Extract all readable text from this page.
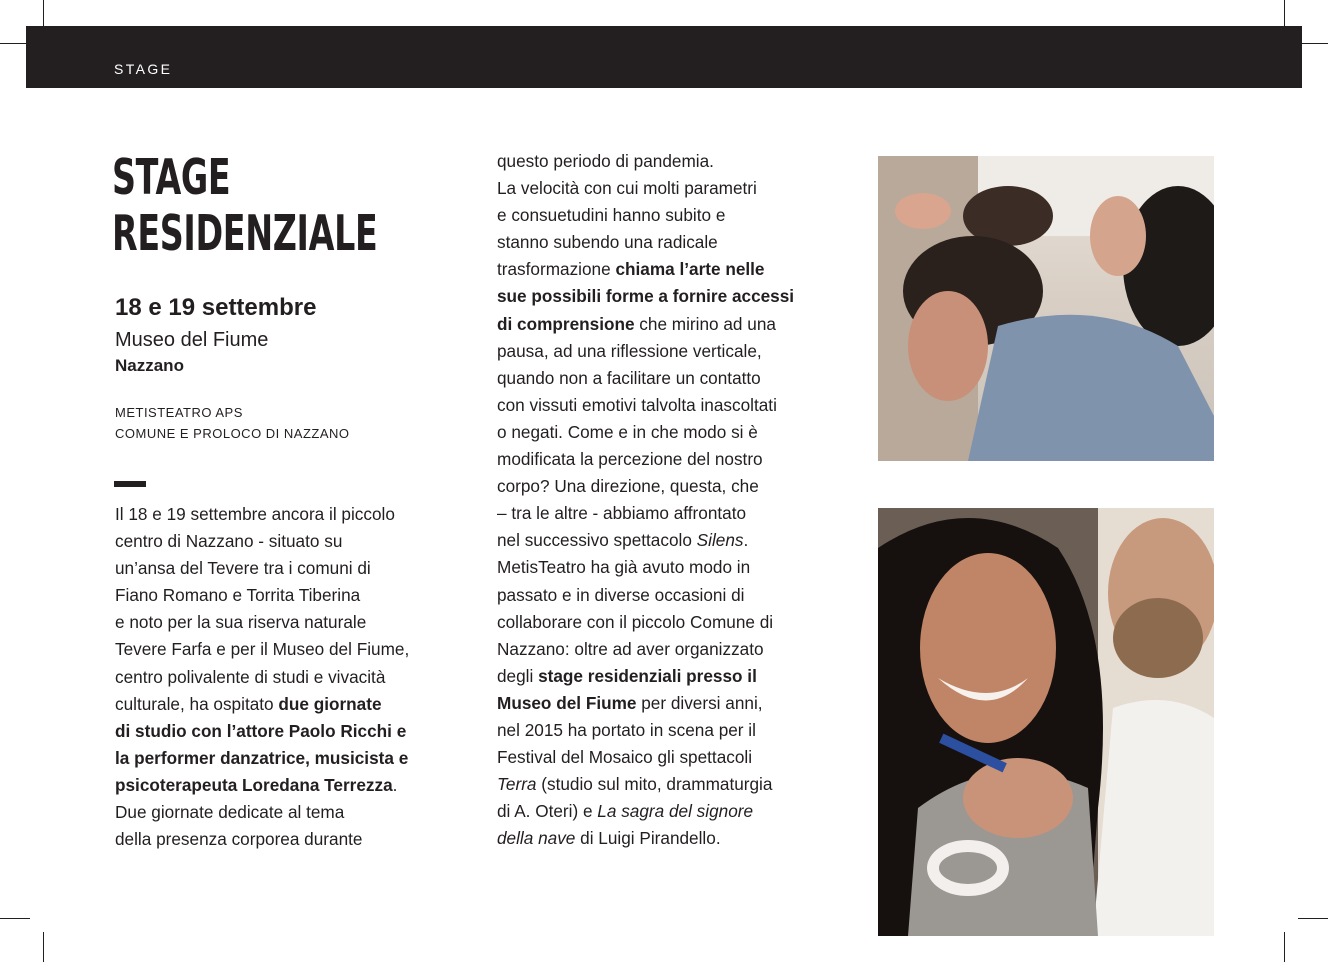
STAGE
STAGE
RESIDENZIALE
18 e 19 settembre
Museo del Fiume
Nazzano
METISTEATRO APS
COMUNE E PROLOCO DI NAZZANO
Il 18 e 19 settembre ancora il piccolo
centro di Nazzano - situato su
un’ansa del Tevere tra i comuni di
Fiano Romano e Torrita Tiberina
e noto per la sua riserva naturale
Tevere Farfa e per il Museo del Fiume,
centro polivalente di studi e vivacità
culturale, ha ospitato due giornate
di studio con l’attore Paolo Ricchi e
la performer danzatrice, musicista e
psicoterapeuta Loredana Terrezza.
Due giornate dedicate al tema
della presenza corporea durante
questo periodo di pandemia.
La velocità con cui molti parametri
e consuetudini hanno subito e
stanno subendo una radicale
trasformazione chiama l’arte nelle
sue possibili forme a fornire accessi
di comprensione che mirino ad una
pausa, ad una riflessione verticale,
quando non a facilitare un contatto
con vissuti emotivi talvolta inascoltati
o negati. Come e in che modo si è
modificata la percezione del nostro
corpo? Una direzione, questa, che
– tra le altre - abbiamo affrontato
nel successivo spettacolo Silens.
MetisTeatro ha già avuto modo in
passato e in diverse occasioni di
collaborare con il piccolo Comune di
Nazzano: oltre ad aver organizzato
degli stage residenziali presso il
Museo del Fiume per diversi anni,
nel 2015 ha portato in scena per il
Festival del Mosaico gli spettacoli
Terra (studio sul mito, drammaturgia
di A. Oteri) e La sagra del signore
della nave di Luigi Pirandello.
